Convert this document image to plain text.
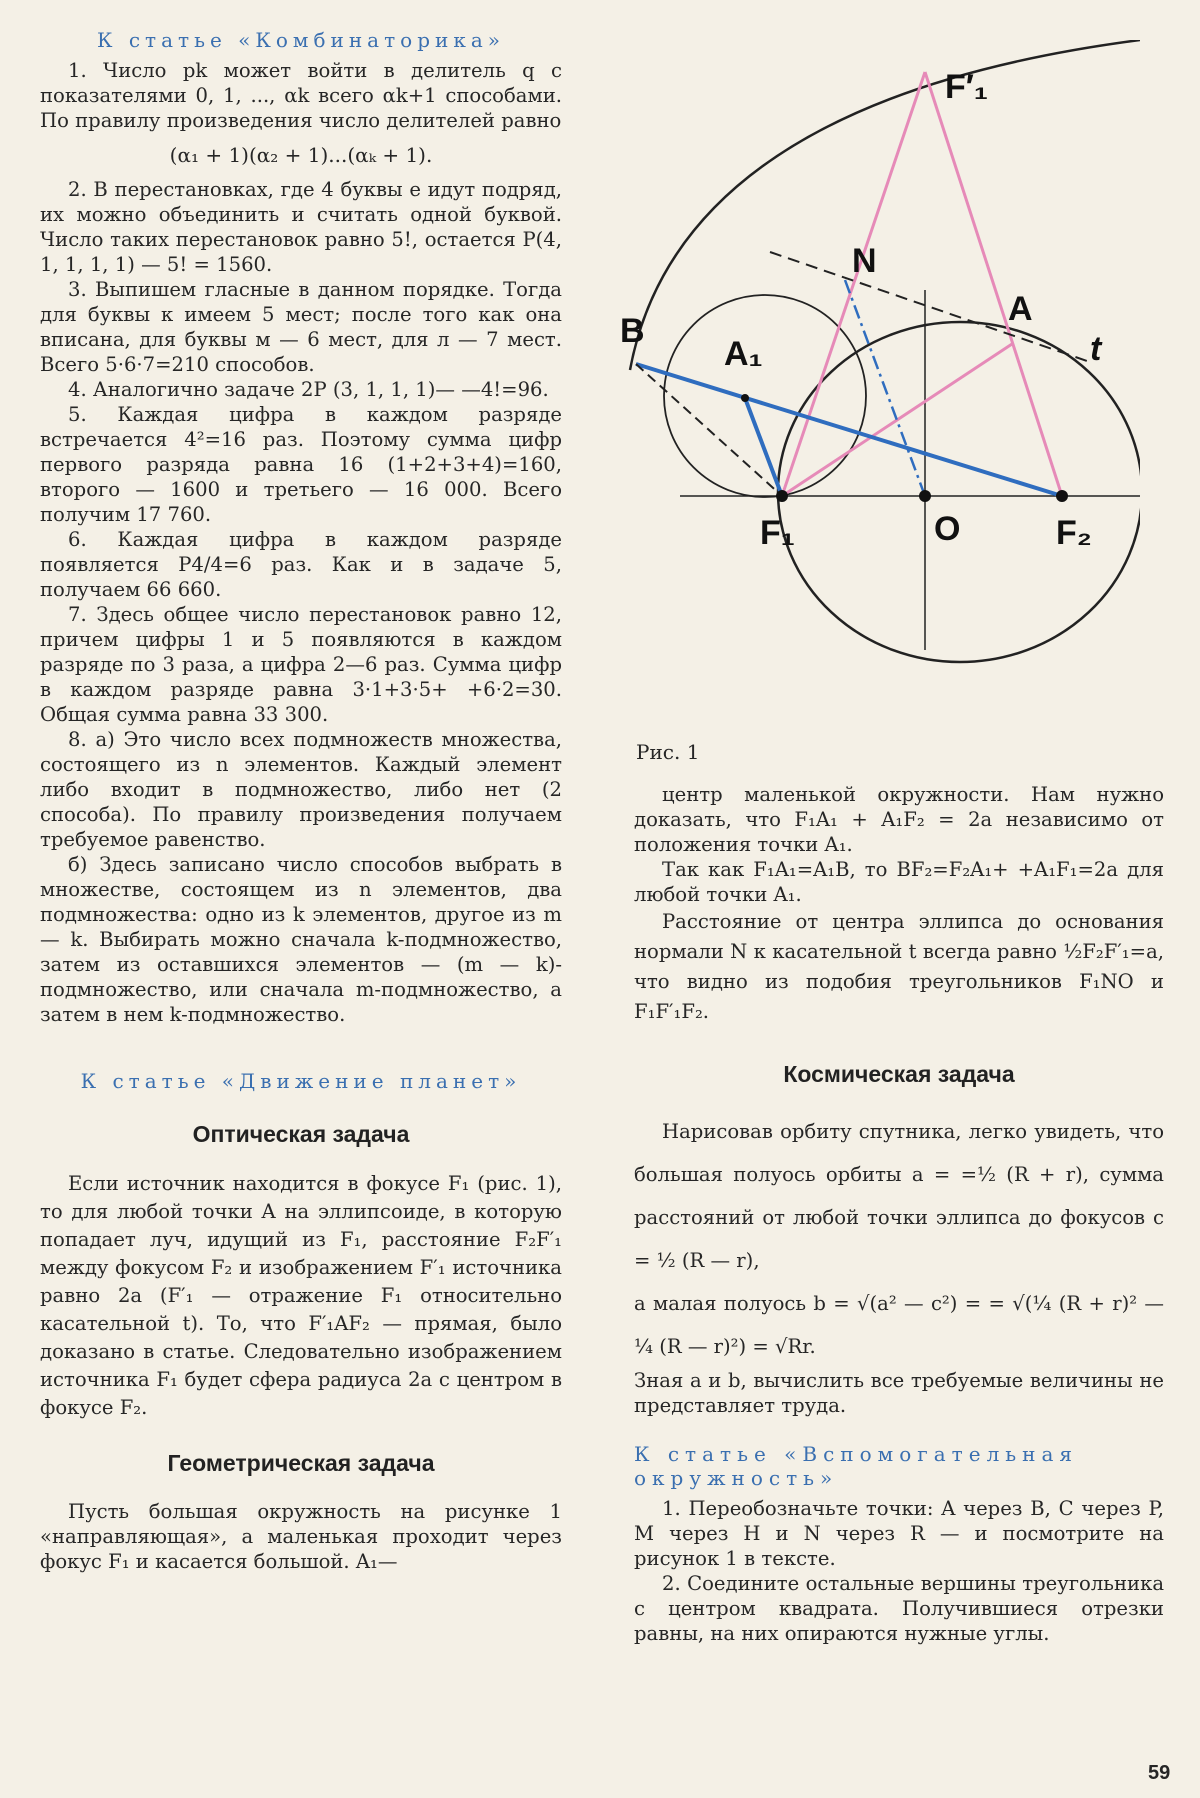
К статье «Комбинаторика»

1. Число pk может войти в делитель q с показателями 0, 1, ..., αk всего αk+1 способами. По правилу произведения число делителей равно

(α₁ + 1)(α₂ + 1)...(αₖ + 1).

2. В перестановках, где 4 буквы е идут подряд, их можно объединить и считать одной буквой. Число таких перестановок равно 5!, остается P(4, 1, 1, 1, 1) — 5! = 1560.

3. Выпишем гласные в данном порядке. Тогда для буквы к имеем 5 мест; после того как она вписана, для буквы м — 6 мест, для л — 7 мест. Всего 5·6·7=210 способов.

4. Аналогично задаче 2P (3, 1, 1, 1)— —4!=96.

5. Каждая цифра в каждом разряде встречается 4²=16 раз. Поэтому сумма цифр первого разряда равна 16 (1+2+3+4)=160, второго — 1600 и третьего — 16 000. Всего получим 17 760.

6. Каждая цифра в каждом разряде появляется P4/4=6 раз. Как и в задаче 5, получаем 66 660.

7. Здесь общее число перестановок равно 12, причем цифры 1 и 5 появляются в каждом разряде по 3 раза, а цифра 2—6 раз. Сумма цифр в каждом разряде равна 3·1+3·5+ +6·2=30. Общая сумма равна 33 300.

8. а) Это число всех подмножеств множества, состоящего из n элементов. Каждый элемент либо входит в подмножество, либо нет (2 способа). По правилу произведения получаем требуемое равенство.

б) Здесь записано число способов выбрать в множестве, состоящем из n элементов, два подмножества: одно из k элементов, другое из m — k. Выбирать можно сначала k-подмножество, затем из оставшихся элементов — (m — k)-подмножество, или сначала m-подмножество, а затем в нем k-подмножество.

К статье «Движение планет»
Оптическая задача

Если источник находится в фокусе F₁ (рис. 1), то для любой точки A на эллипсоиде, в которую попадает луч, идущий из F₁, расстояние F₂F′₁ между фокусом F₂ и изображением F′₁ источника равно 2a (F′₁ — отражение F₁ относительно касательной t). То, что F′₁AF₂ — прямая, было доказано в статье. Следовательно изображением источника F₁ будет сфера радиуса 2a с центром в фокусе F₂.

Геометрическая задача

Пусть большая окружность на рисунке 1 «направляющая», а маленькая проходит через фокус F₁ и касается большой. A₁—

F′₁
N
A
t
B
A₁
F₁	O	F₂
Рис. 1

центр маленькой окружности. Нам нужно доказать, что F₁A₁ + A₁F₂ = 2a независимо от положения точки A₁.

Так как F₁A₁=A₁B, то BF₂=F₂A₁+ +A₁F₁=2a для любой точки A₁.

Расстояние от центра эллипса до основания нормали N к касательной t всегда равно ½F₂F′₁=a, что видно из подобия треугольников F₁NO и F₁F′₁F₂.

Космическая задача

Нарисовав орбиту спутника, легко увидеть, что большая полуось орбиты a = =½ (R + r), сумма расстояний от любой точки эллипса до фокусов c = ½ (R — r),

а малая полуось b = √(a² — c²) = = √(¼ (R + r)² — ¼ (R — r)²) = √Rr.

Зная a и b, вычислить все требуемые величины не представляет труда.

К статье «Вспомогательная окружность»

1. Переобозначьте точки: A через B, C через P, M через H и N через R — и посмотрите на рисунок 1 в тексте.

2. Соедините остальные вершины треугольника с центром квадрата. Получившиеся отрезки равны, на них опираются нужные углы.

59
